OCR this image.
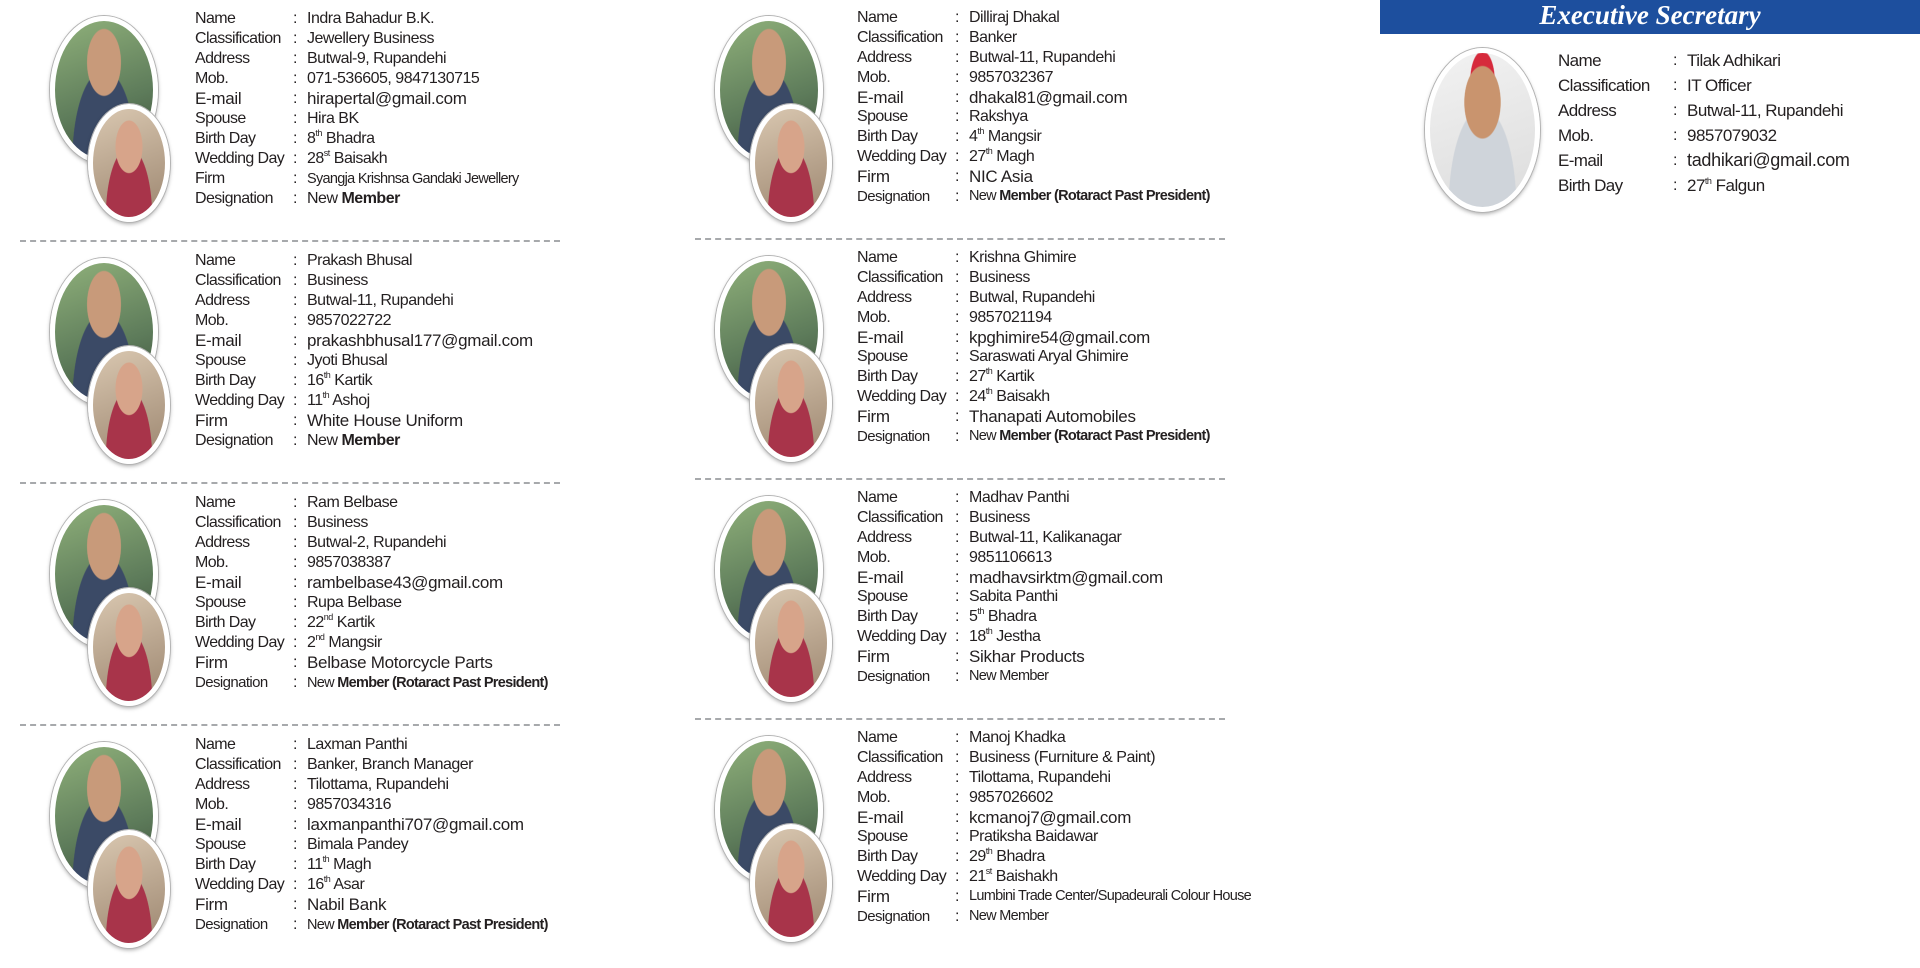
Name	: Indra Bahadur B.K.
Classification : Jewellery Business
Address	: Butwal-9, Rupandehi
Mob.	: 071-536605, 9847130715
E-mail	: hirapertal@gmail.com
Spouse	: Hira BK
Birth Day	: 8th Bhadra
Wedding Day : 28st Baisakh
Firm	: Syangja Krishnsa Gandaki Jewellery
Designation	: New Member
Name	: Prakash Bhusal
Classification : Business
Address	: Butwal-11, Rupandehi
Mob.	: 9857022722
E-mail	: prakashbhusal177@gmail.com
Spouse	: Jyoti Bhusal
Birth Day	: 16th Kartik
Wedding Day : 11th Ashoj
Firm	: White House Uniform
Designation	: New Member
Name	: Ram Belbase
Classification : Business
Address	: Butwal-2, Rupandehi
Mob.	: 9857038387
E-mail	: rambelbase43@gmail.com
Spouse	: Rupa Belbase
Birth Day	: 22nd Kartik
Wedding Day : 2nd Mangsir
Firm	: Belbase Motorcycle Parts
Designation	: New Member (Rotaract Past President)
Name	: Laxman Panthi
Classification : Banker, Branch Manager
Address	: Tilottama, Rupandehi
Mob.	: 9857034316
E-mail	: laxmanpanthi707@gmail.com
Spouse	: Bimala Pandey
Birth Day	: 11th Magh
Wedding Day : 16th Asar
Firm	: Nabil Bank
Designation	: New Member (Rotaract Past President)
Name	: Dilliraj Dhakal
Classification : Banker
Address	: Butwal-11, Rupandehi
Mob.	: 9857032367
E-mail	: dhakal81@gmail.com
Spouse	: Rakshya
Birth Day	: 4th Mangsir
Wedding Day : 27th Magh
Firm	: NIC Asia
Designation	: New Member (Rotaract Past President)
Name	: Krishna Ghimire
Classification : Business
Address	: Butwal, Rupandehi
Mob.	: 9857021194
E-mail	: kpghimire54@gmail.com
Spouse	: Saraswati Aryal Ghimire
Birth Day	: 27th Kartik
Wedding Day : 24th Baisakh
Firm	: Thanapati Automobiles
Designation	: New Member (Rotaract Past President)
Name	: Madhav Panthi
Classification : Business
Address	: Butwal-11, Kalikanagar
Mob.	: 9851106613
E-mail	: madhavsirktm@gmail.com
Spouse	: Sabita Panthi
Birth Day	: 5th Bhadra
Wedding Day : 18th Jestha
Firm	: Sikhar Products
Designation	: New Member
Name	: Manoj Khadka
Classification : Business (Furniture & Paint)
Address	: Tilottama, Rupandehi
Mob.	: 9857026602
E-mail	: kcmanoj7@gmail.com
Spouse	: Pratiksha Baidawar
Birth Day	: 29th Bhadra
Wedding Day : 21st Baishakh
Firm	: Lumbini Trade Center/Supadeurali Colour House
Designation	: New Member
Executive Secretary
Name	: Tilak Adhikari
Classification	: IT Officer
Address	: Butwal-11, Rupandehi
Mob.	: 9857079032
E-mail	: tadhikari@gmail.com
Birth Day	: 27th Falgun
